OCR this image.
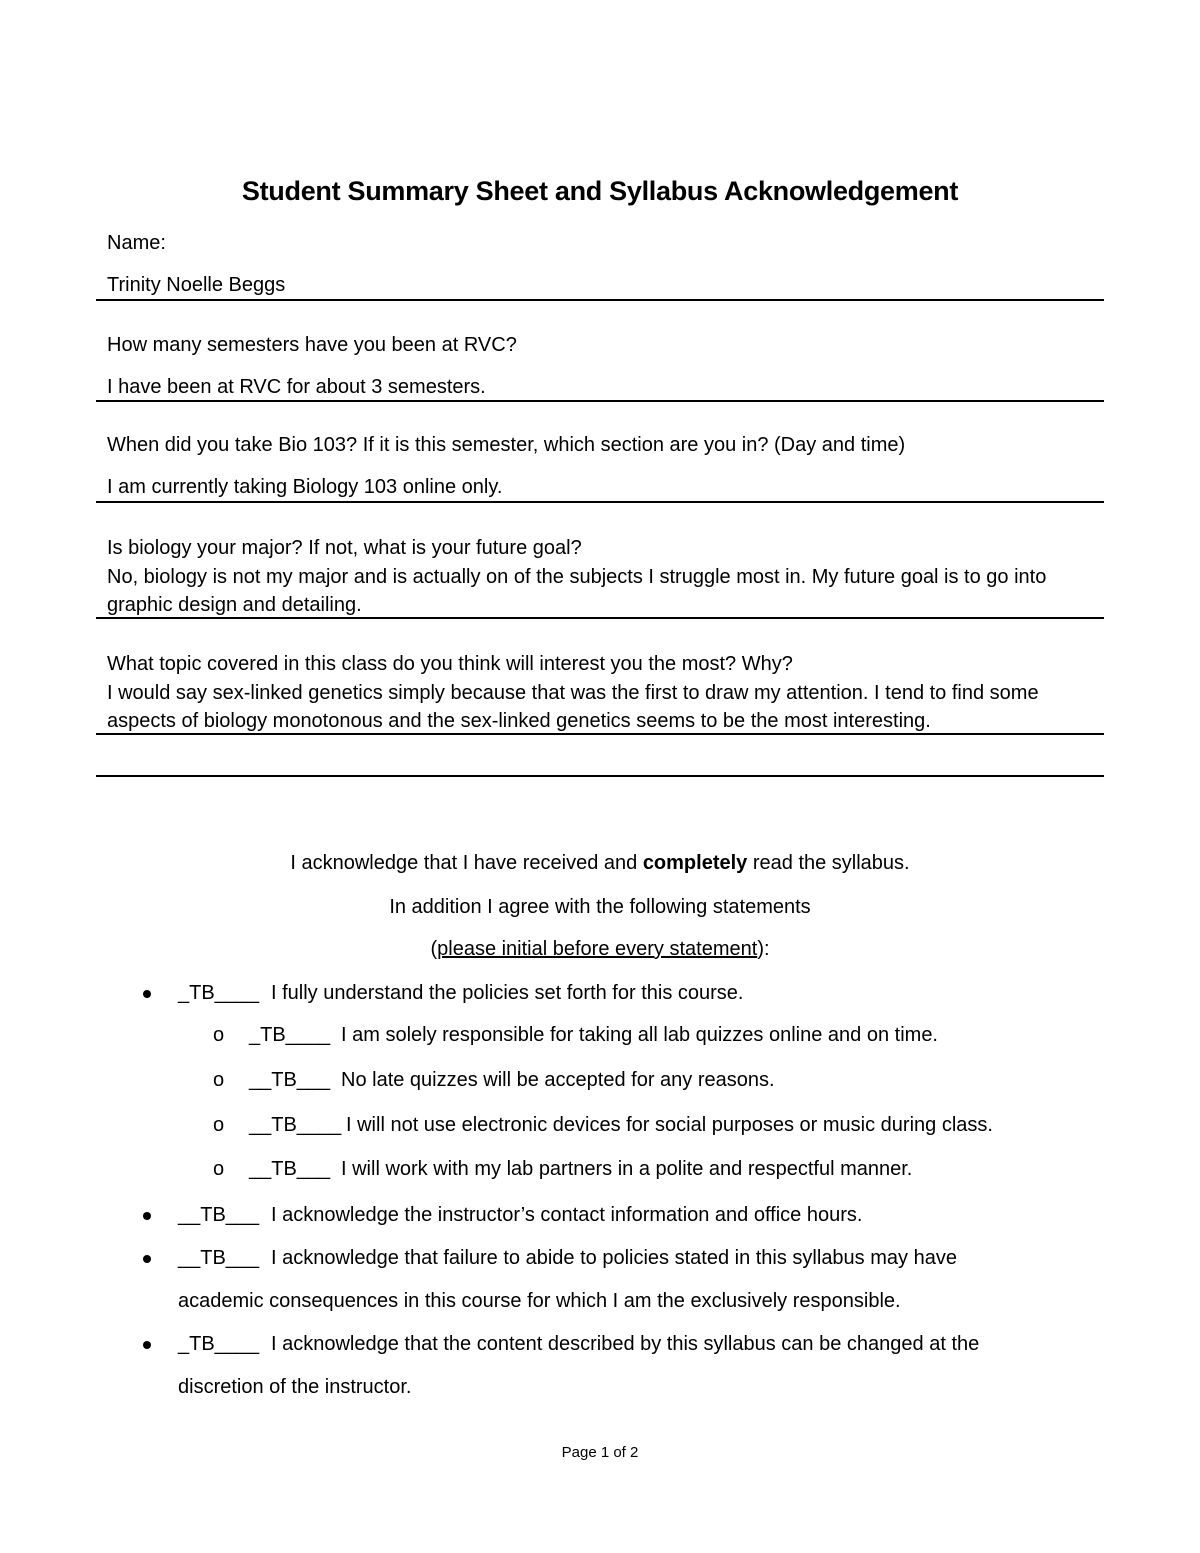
Student Summary Sheet and Syllabus Acknowledgement
Name:
Trinity Noelle Beggs
How many semesters have you been at RVC?
I have been at RVC for about 3 semesters.
When did you take Bio 103? If it is this semester, which section are you in? (Day and time)
I am currently taking Biology 103 online only.
Is biology your major? If not, what is your future goal?
No, biology is not my major and is actually on of the subjects I struggle most in. My future goal is to go into graphic design and detailing.
What topic covered in this class do you think will interest you the most? Why?
I would say sex-linked genetics simply because that was the first to draw my attention. I tend to find some aspects of biology monotonous and the sex-linked genetics seems to be the most interesting.
I acknowledge that I have received and completely read the syllabus.
In addition I agree with the following statements
(please initial before every statement):
_TB____ I fully understand the policies set forth for this course.
o _TB____ I am solely responsible for taking all lab quizzes online and on time.
o __TB___ No late quizzes will be accepted for any reasons.
o __TB____ I will not use electronic devices for social purposes or music during class.
o __TB___ I will work with my lab partners in a polite and respectful manner.
__TB___ I acknowledge the instructor’s contact information and office hours.
__TB___ I acknowledge that failure to abide to policies stated in this syllabus may have
academic consequences in this course for which I am the exclusively responsible.
_TB____ I acknowledge that the content described by this syllabus can be changed at the
discretion of the instructor.
Page 1 of 2
